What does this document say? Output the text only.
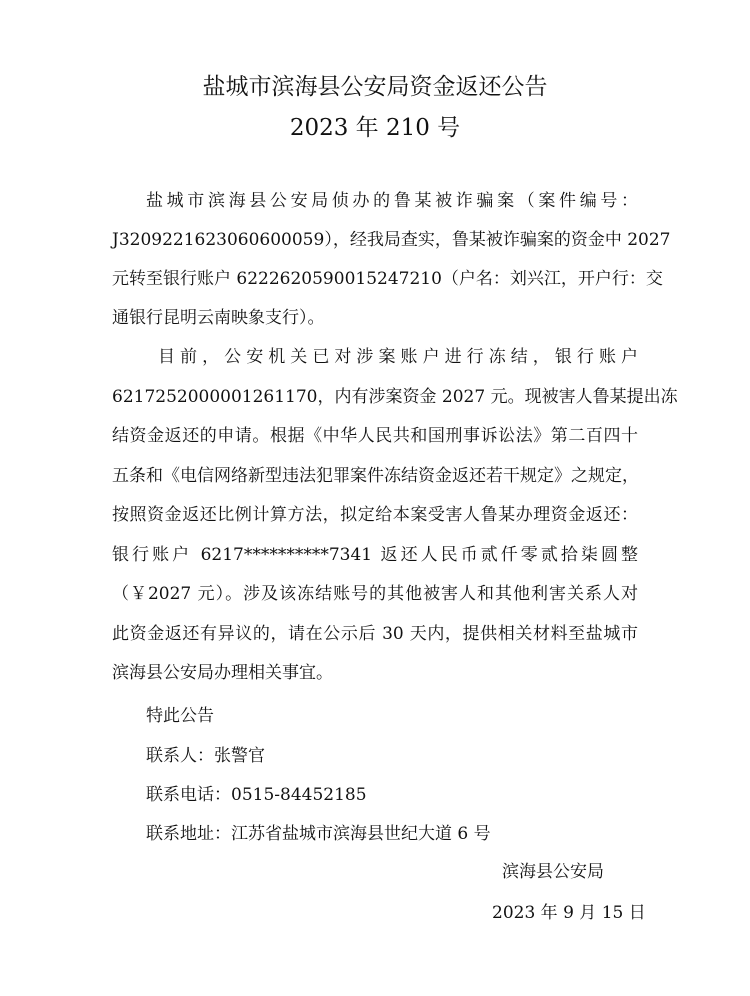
盐城市滨海县公安局资金返还公告
2023 年 210 号
盐城市滨海县公安局侦办的鲁某被诈骗案（案件编号：
J3209221623060600059），经我局查实，鲁某被诈骗案的资金中 2027
元转至银行账户 6222620590015247210（户名：刘兴江，开户行：交
通银行昆明云南映象支行）。
目前，公安机关已对涉案账户进行冻结，银行账户
6217252000001261170，内有涉案资金 2027 元。现被害人鲁某提出冻
结资金返还的申请。根据《中华人民共和国刑事诉讼法》第二百四十
五条和《电信网络新型违法犯罪案件冻结资金返还若干规定》之规定，
按照资金返还比例计算方法，拟定给本案受害人鲁某办理资金返还：
银行账户 6217**********7341 返还人民币贰仟零贰拾柒圆整
（￥2027 元）。涉及该冻结账号的其他被害人和其他利害关系人对
此资金返还有异议的，请在公示后 30 天内，提供相关材料至盐城市
滨海县公安局办理相关事宜。
特此公告
联系人：张警官
联系电话：0515-84452185
联系地址：江苏省盐城市滨海县世纪大道 6 号
滨海县公安局
2023 年 9 月 15 日
